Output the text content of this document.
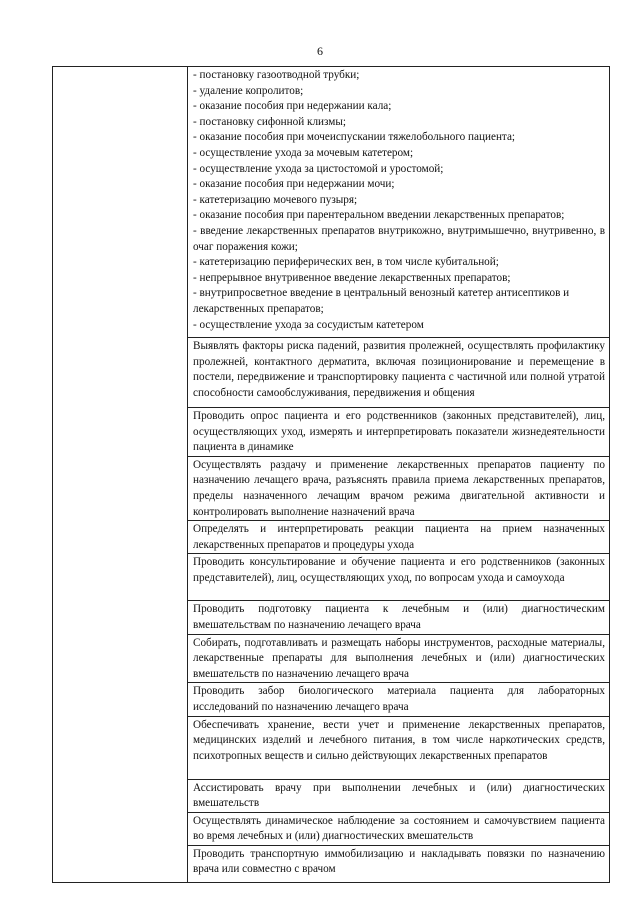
6

- постановку газоотводной трубки;

- удаление копролитов;

- оказание пособия при недержании кала;

- постановку сифонной клизмы;

- оказание пособия при мочеиспускании тяжелобольного пациента;

- осуществление ухода за мочевым катетером;

- осуществление ухода за цистостомой и уростомой;

- оказание пособия при недержании мочи;

- катетеризацию мочевого пузыря;

- оказание пособия при парентеральном введении лекарственных препаратов;

- введение лекарственных препаратов внутрикожно, внутримышечно, внутривенно, в очаг поражения кожи;

- катетеризацию периферических вен, в том числе кубитальной;

- непрерывное внутривенное введение лекарственных препаратов;

- внутрипросветное введение в центральный венозный катетер антисептиков и лекарственных препаратов;

- осуществление ухода за сосудистым катетером

Выявлять факторы риска падений, развития пролежней, осуществлять профилактику пролежней, контактного дерматита, включая позиционирование и перемещение в постели, передвижение и транспортировку пациента с частичной или полной утратой способности самообслуживания, передвижения и общения

Проводить опрос пациента и его родственников (законных представителей), лиц, осуществляющих уход, измерять и интерпретировать показатели жизнедеятельности пациента в динамике

Осуществлять раздачу и применение лекарственных препаратов пациенту по назначению лечащего врача, разъяснять правила приема лекарственных препаратов, пределы назначенного лечащим врачом режима двигательной активности и контролировать выполнение назначений врача

Определять и интерпретировать реакции пациента на прием назначенных лекарственных препаратов и процедуры ухода

Проводить консультирование и обучение пациента и его родственников (законных представителей), лиц, осуществляющих уход, по вопросам ухода и самоухода

Проводить подготовку пациента к лечебным и (или) диагностическим вмешательствам по назначению лечащего врача

Собирать, подготавливать и размещать наборы инструментов, расходные материалы, лекарственные препараты для выполнения лечебных и (или) диагностических вмешательств по назначению лечащего врача

Проводить забор биологического материала пациента для лабораторных исследований по назначению лечащего врача

Обеспечивать хранение, вести учет и применение лекарственных препаратов, медицинских изделий и лечебного питания, в том числе наркотических средств, психотропных веществ и сильно действующих лекарственных препаратов

Ассистировать врачу при выполнении лечебных и (или) диагностических вмешательств

Осуществлять динамическое наблюдение за состоянием и самочувствием пациента во время лечебных и (или) диагностических вмешательств

Проводить транспортную иммобилизацию и накладывать повязки по назначению врача или совместно с врачом
